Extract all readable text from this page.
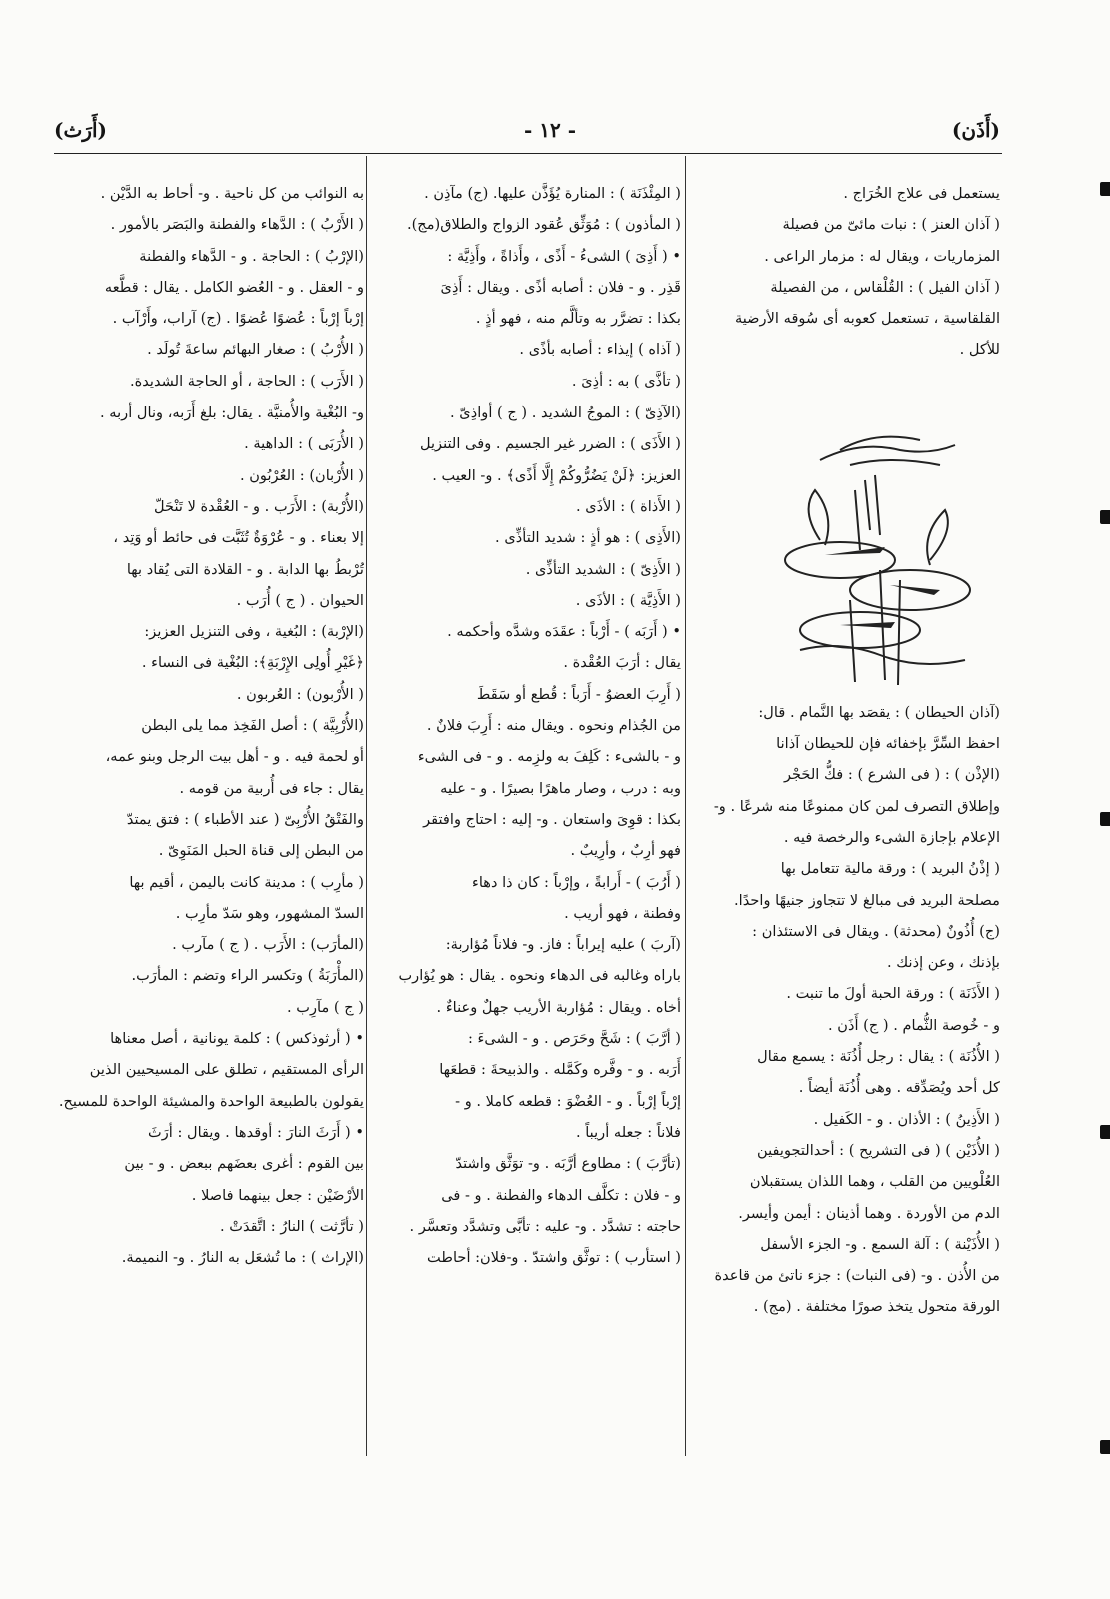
(أَرَث)	- ١٢ -	(أَذَن)
يستعمل فى علاج الخُرَاج .
( آذان العنز ) : نبات مائىّ من فصيلة
المزماريات ، ويقال له : مزمار الراعى .
( آذان الفيل ) : القُلْقاس ، من الفصيلة
القلقاسية ، تستعمل كعوبه أى سُوقه الأرضية
للأكل .
(آذان الحيطان ) : يقصَد بها النَّمام . قال:
احفظ السِّرَّ بإخفائه فإن للحيطان آذانا
(الإذْن ) : ( فى الشرع ) : فكُّ الحَجْر
وإطلاق التصرف لمن كان ممنوعًا منه شرعًا . و-
الإعلام بإجازة الشىء والرخصة فيه .
( إذْنُ البريد ) : ورقة مالية تتعامل بها
مصلحة البريد فى مبالغ لا تتجاوز جنيهًا واحدًا.
(ج) أُذُونٌ (محدثة) . ويقال فى الاستئذان :
بإذنك ، وعن إذنك .
( الأَذَنَة ) : ورقة الحبة أولَ ما تنبت .
و - خُوصة الثُّمام . ( ج) أَذَن .
( الأُذُنَة ) : يقال : رجل أُذُنَة : يسمع مقال
كل أحد ويُصَدِّقه . وهى أُذُنَة أيضاً .
( الأَذِينُ ) : الأذان . و - الكَفيل .
( الأُذَيْن ) ( فى التشريح ) : أحدالتجويفين
العُلْويين من القلب ، وهما اللذان يستقبلان
الدم من الأوردة . وهما أذينان : أيمن وأيسر.
( الأُذَيْنة ) : آلة السمع . و- الجزء الأسفل
من الأُذن . و- (فى النبات) : جزء ناتئ من قاعدة
الورقة متحول يتخذ صورًا مختلفة . (مج) .
( المِئْذَنَة ) : المنارة يُؤَذَّن عليها. (ج) مآذِن .
( المأذون ) : مُوَثِّق عُقود الزواج والطلاق(مج).
• ( أَذِىَ ) الشىءُ - أَذًى ، وأَذاةً ، وأَذِيَّة :
قَذِر . و - فلان : أصابه أذًى . ويقال : أَذِىَ
بكذا : تضرَّر به وتألَّم منه ، فهو أذٍ .
( آذاه ) إيذاء : أصابه بأذًى .
( تأذَّى ) به : أذِىَ .
(الآذِىّ ) : الموجُ الشديد . ( ج ) أواذِىّ .
( الأَذَى ) : الضرر غير الجسيم . وفى التنزيل
العزيز: ﴿لَنْ يَضُرُّوكُمْ إِلَّا أَذًى﴾ . و- العيب .
( الأَذاة ) : الأذَى .
(الأَذِى ) : هو أذٍ : شديد التأذِّى .
( الأَذِىّ ) : الشديد التأذِّى .
( الأَذِيَّة ) : الأذَى .
• ( أَرَبَه ) - أَرْباً : عقَدَه وشدَّه وأحكمه .
يقال : أرَبَ العُقْدة .
( أَرِبَ العضوُ - أَرَباً : قُطع أو سَقَطَ
من الجُذام ونحوه . ويقال منه : أَرِبَ فلانٌ .
و - بالشىء : كَلِفَ به ولزِمه . و - فى الشىء
وبه : درب ، وصار ماهرًا بصيرًا . و - عليه
بكذا : قوِىَ واستعان . و- إليه : احتاج وافتقر
فهو أرِبٌ ، وأرِيبٌ .
( أَرُبَ ) - أَرابةً ، وإرْباً : كان ذا دهاء
وفطنة ، فهو أريب .
(آربَ ) عليه إيراباً : فاز. و- فلاناً مُؤاربة:
باراه وغالبه فى الدهاء ونحوه . يقال : هو يُؤارب
أخاه . ويقال : مُؤاربة الأريب جهلٌ وعناءٌ .
( أرَّبَ ) : شَحَّ وحَرَص . و - الشىءَ :
أَرَبه . و - وفَّره وكَمَّله . والذبيحةَ : قطعَها
إرْباً إرْباً . و - العُضْوَ : قطعه كاملا . و -
فلاناً : جعله أريباً .
(تأرَّبَ ) : مطاوع أرَّبَه . و- توَثَّق واشتدّ
و - فلان : تكلَّف الدهاء والفطنة . و - فى
حاجته : تشدَّد . و- عليه : تأبَّى وتشدَّد وتعسَّر .
( استأرب ) : توثَّق واشتدّ . و-فلان: أحاطت
به النوائب من كل ناحية . و- أحاط به الدَّيْن .
( الأَرْبُ ) : الدَّهاء والفطنة والبَصَر بالأمور .
(الإرْبُ ) : الحاجة . و - الدَّهاء والفطنة
و - العقل . و - العُضو الكامل . يقال : قطَّعه
إرْباً إرْباً : عُضوًا عُضوًا . (ج) آراب، وأَرْآب .
( الأُرْبُ ) : صغار البهائم ساعةَ تُولَد .
( الأَرَب ) : الحاجة ، أو الحاجة الشديدة.
و- البُغْية والأُمنيَّة . يقال: بلغ أَرَبه، ونال أربه .
( الأُرَبَى ) : الداهية .
( الأُرْبان) : العُرْبُون .
(الأُرْبة) : الأَرَب . و - العُقْدة لا تَنْحَلّ
إلا بعناء . و - عُرْوَةٌ تُثَبَّت فى حائط أو وَتِد ،
تُرْبطُ بها الدابة . و - القلادة التى يُقاد بها
الحيوان . ( ج ) أُرَب .
(الإرْبة) : البُغية ، وفى التنزيل العزيز:
﴿غَيْرِ أُولِى الإِرْبَةِ﴾: البُغْية فى النساء .
( الأُرْبون) : العُربون .
(الأُرْبِيَّة ) : أصل الفَخِذ مما يلى البطن
أو لحمة فيه . و - أهل بيت الرجل وبنو عمه،
يقال : جاء فى أُربية من قومه .
والفَتْقُ الأُرْبِىّ ( عند الأطباء ) : فتق يمتدّ
من البطن إلى قناة الحبل المَنَوِىّ .
( مأرِب ) : مدينة كانت باليمن ، أقيم بها
السدّ المشهور، وهو سَدّ مأرِب .
(المأرَب) : الأَرَب . ( ج ) مآرب .
(المأْرَبَةُ ) وتكسر الراء وتضم : المأرَب.
( ج ) مآرِب .
• ( أرثوذكس ) : كلمة يونانية ، أصل معناها
الرأى المستقيم ، تطلق على المسيحيين الذين
يقولون بالطبيعة الواحدة والمشيئة الواحدة للمسيح.
• ( أَرَثَ النارَ : أوقدها . ويقال : أرَثَ
بين القوم : أغرى بعضَهم ببعض . و - بين
الأرْضَيْن : جعل بينهما فاصلا .
( تأرَّثت ) النارُ : اتَّقدَتْ .
(الإراث ) : ما تُشعَل به النارُ . و- النميمة.
